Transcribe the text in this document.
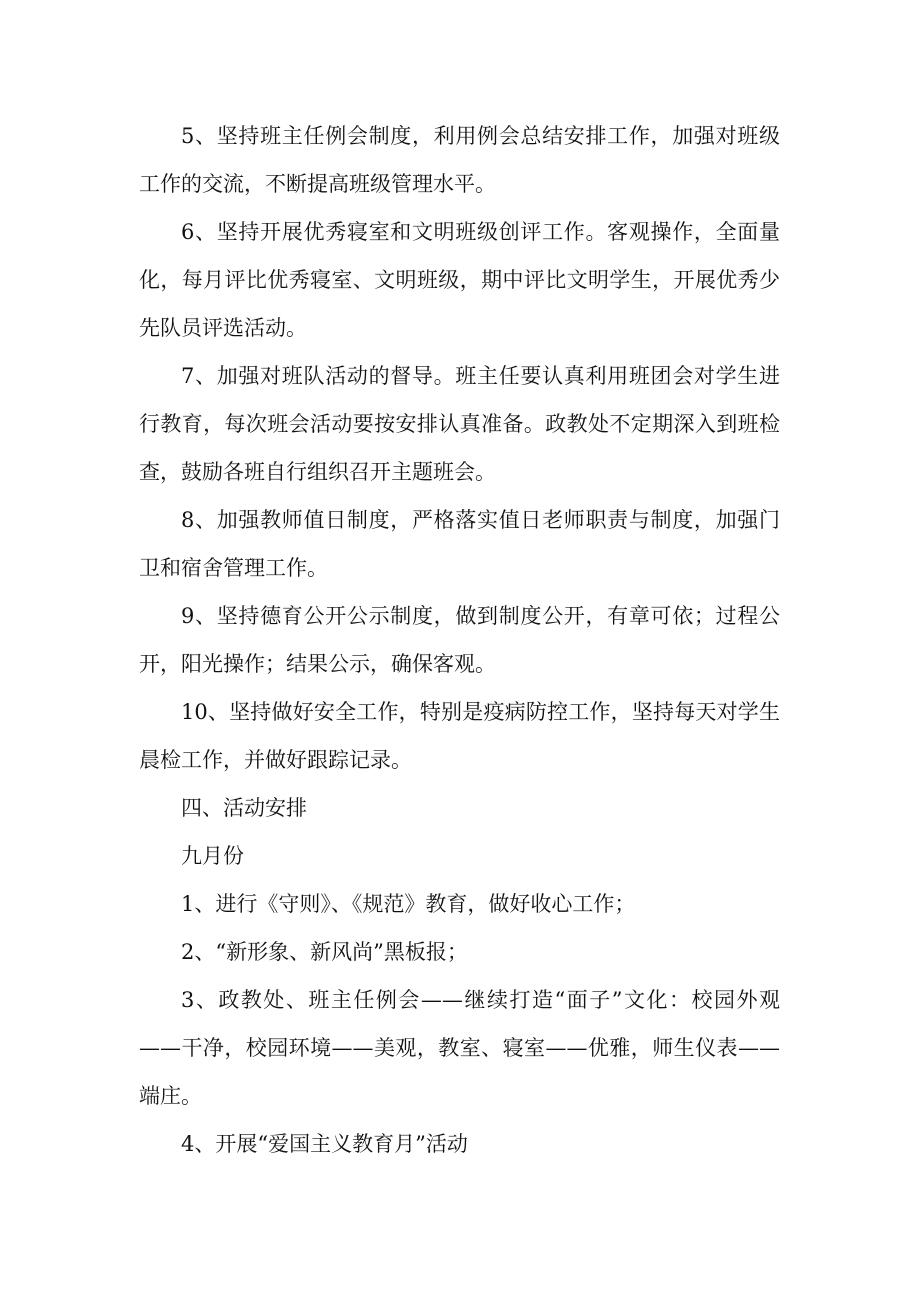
5、坚持班主任例会制度，利用例会总结安排工作，加强对班级工作的交流，不断提高班级管理水平。

6、坚持开展优秀寝室和文明班级创评工作。客观操作，全面量化，每月评比优秀寝室、文明班级，期中评比文明学生，开展优秀少先队员评选活动。

7、加强对班队活动的督导。班主任要认真利用班团会对学生进行教育，每次班会活动要按安排认真准备。政教处不定期深入到班检查，鼓励各班自行组织召开主题班会。

8、加强教师值日制度，严格落实值日老师职责与制度，加强门卫和宿舍管理工作。

9、坚持德育公开公示制度，做到制度公开，有章可依；过程公开，阳光操作；结果公示，确保客观。

10、坚持做好安全工作，特别是疫病防控工作，坚持每天对学生晨检工作，并做好跟踪记录。

四、活动安排

九月份

1、进行《守则》、《规范》教育，做好收心工作；

2、“新形象、新风尚”黑板报；

3、政教处、班主任例会——继续打造“面子”文化：校园外观——干净，校园环境——美观，教室、寝室——优雅，师生仪表——端庄。

4、开展“爱国主义教育月”活动
